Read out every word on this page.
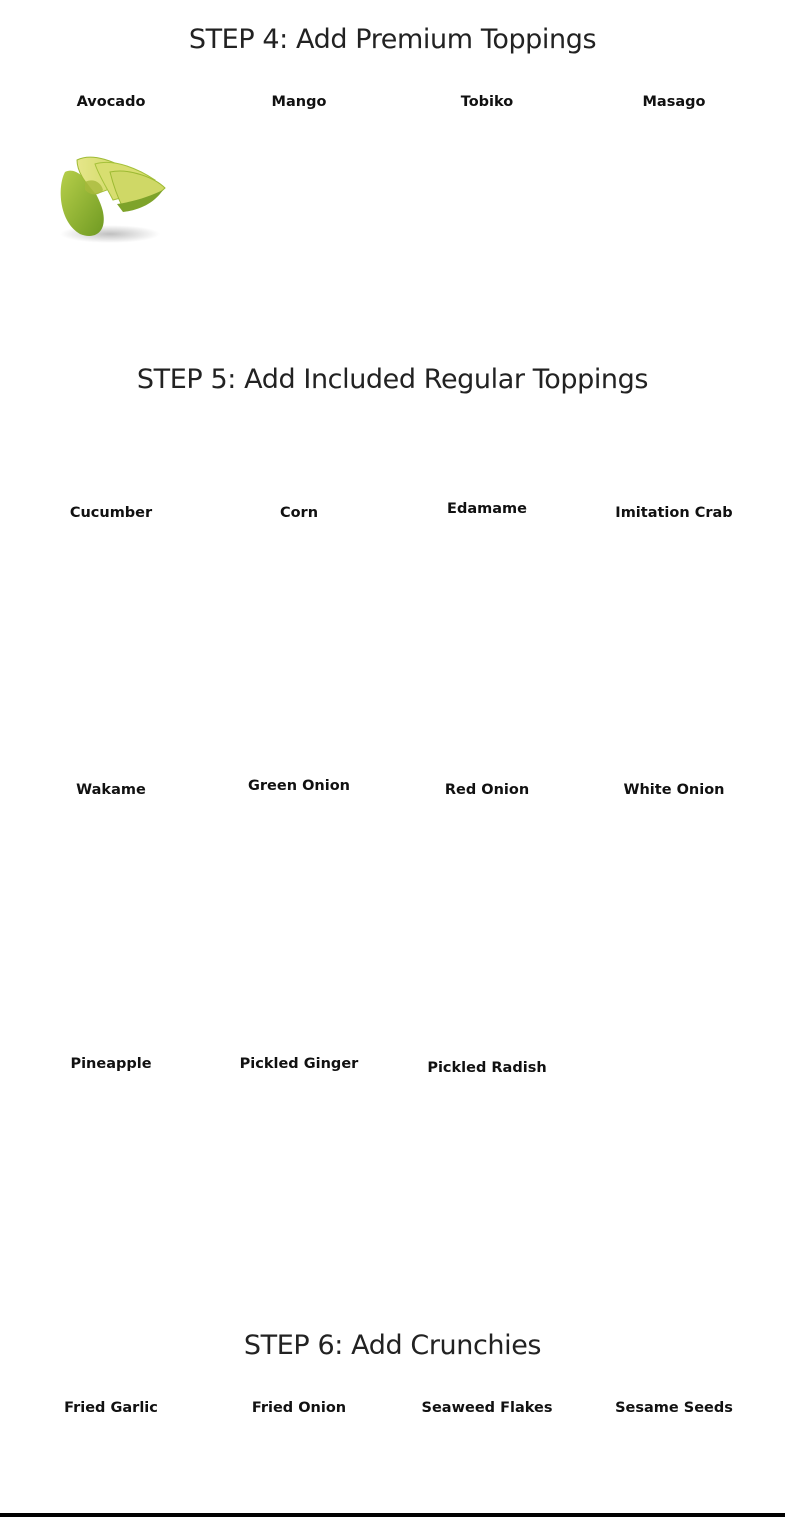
STEP 4: Add Premium Toppings
Avocado	Mango	Tobiko	Masago
STEP 5: Add Included Regular Toppings
Cucumber	Corn	Edamame	Imitation Crab
Wakame	Green Onion	Red Onion	White Onion
Pineapple	Pickled Ginger	Pickled Radish
STEP 6: Add Crunchies
Fried Garlic	Fried Onion	Seaweed Flakes	Sesame Seeds
